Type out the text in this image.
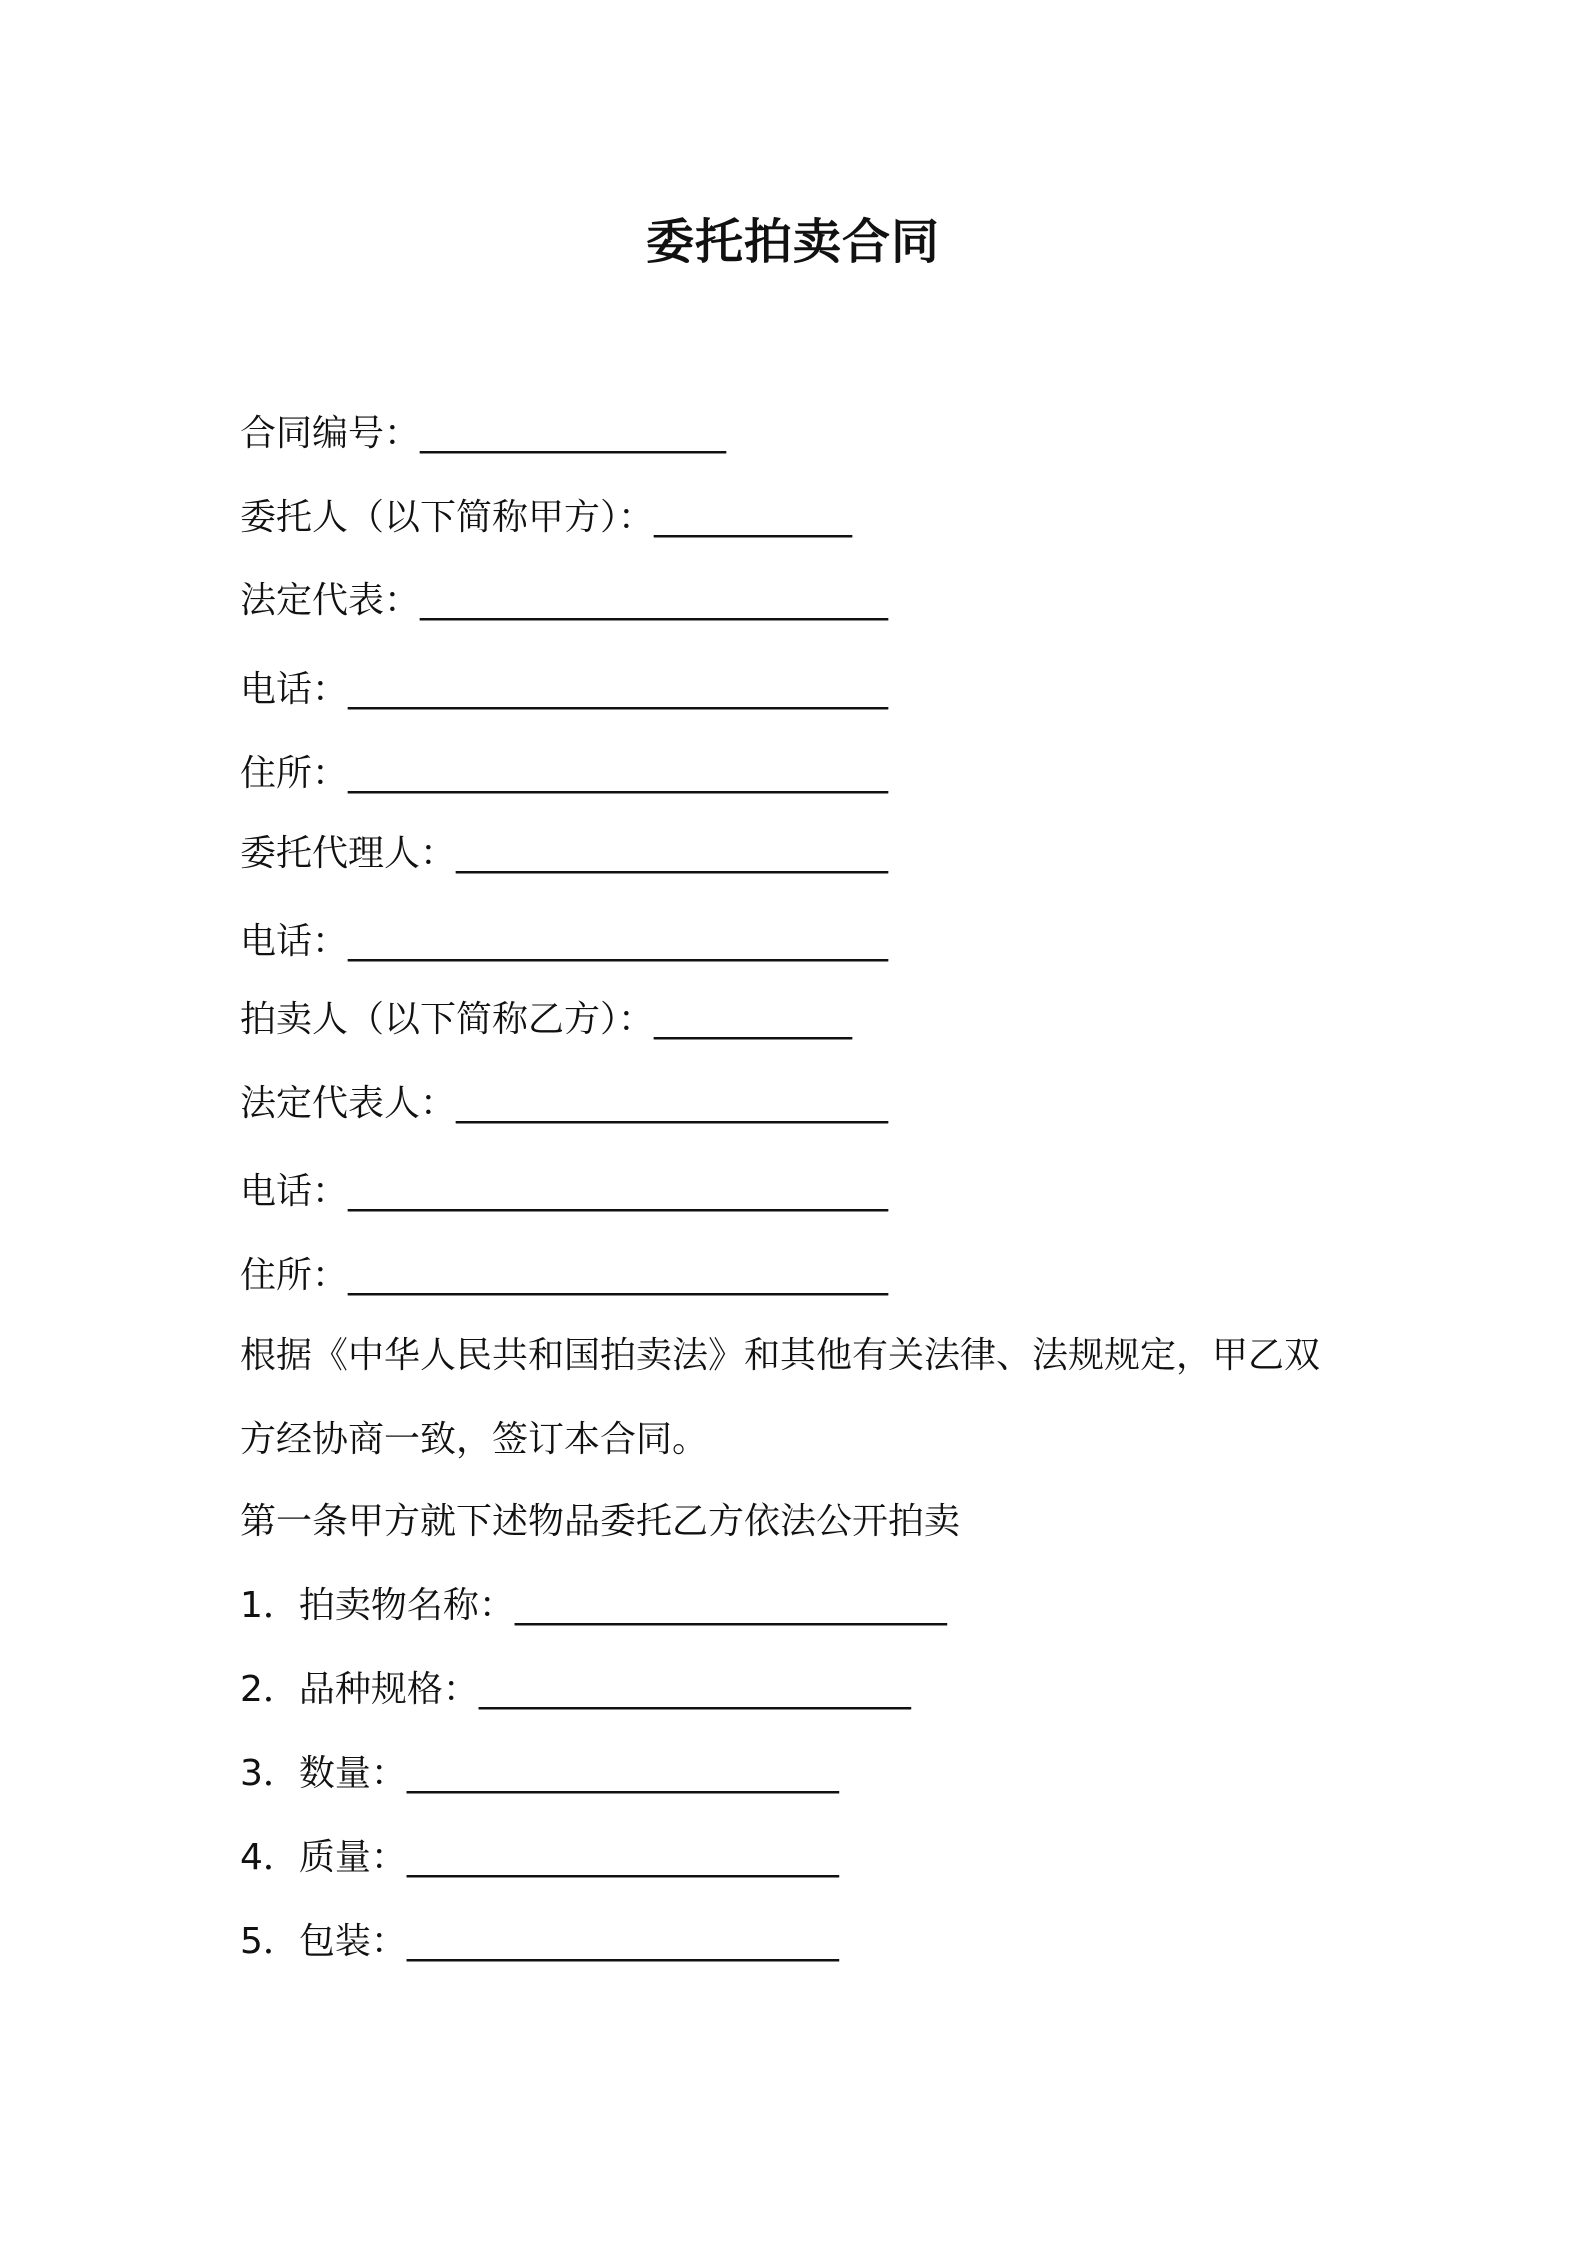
委托拍卖合同
合同编号：_________________
委托人（以下简称甲方）：___________
法定代表：__________________________
电话：______________________________
住所：______________________________
委托代理人：________________________
电话：______________________________
拍卖人（以下简称乙方）：___________
法定代表人：________________________
电话：______________________________
住所：______________________________
根据《中华人民共和国拍卖法》和其他有关法律、法规规定，甲乙双
方经协商一致，签订本合同。
第一条甲方就下述物品委托乙方依法公开拍卖
1．拍卖物名称：________________________
2．品种规格：________________________
3．数量：________________________
4．质量：________________________
5．包装：________________________
